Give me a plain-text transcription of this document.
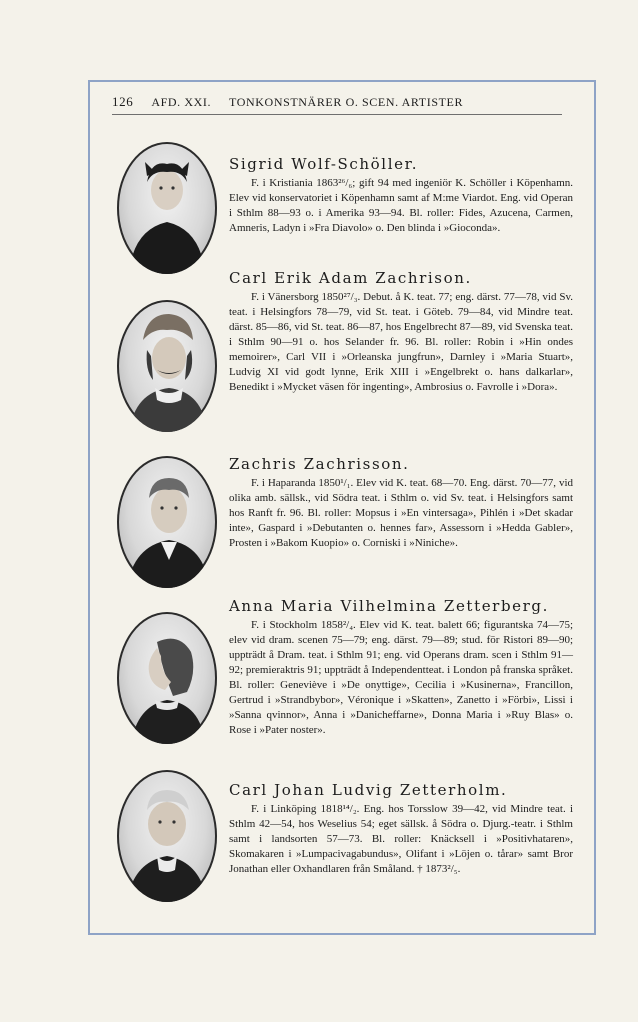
126 AFD. XXI. TONKONSTNÄRER O. SCEN. ARTISTER
Sigrid Wolf-Schöller.
F. i Kristiania 1863²⁶/₆; gift 94 med ingeniör K. Schöller i Köpenhamn. Elev vid konservatoriet i Köpenhamn samt af M:me Viardot. Eng. vid Operan i Sthlm 88—93 o. i Amerika 93—94. Bl. roller: Fides, Azucena, Carmen, Amneris, Ladyn i »Fra Diavolo» o. Den blinda i »Gioconda».
Carl Erik Adam Zachrison.
F. i Vänersborg 1850²⁷/₃. Debut. å K. teat. 77; eng. därst. 77—78, vid Sv. teat. i Helsingfors 78—79, vid St. teat. i Göteb. 79—84, vid Mindre teat. därst. 85—86, vid St. teat. 86—87, hos Engelbrecht 87—89, vid Svenska teat. i Sthlm 90—91 o. hos Selander fr. 96. Bl. roller: Robin i »Hin ondes memoirer», Carl VII i »Orleanska jungfrun», Darnley i »Maria Stuart», Ludvig XI vid godt lynne, Erik XIII i »Engelbrekt o. hans dalkarlar», Benedikt i »Mycket väsen för ingenting», Ambrosius o. Favrolle i »Dora».
Zachris Zachrisson.
F. i Haparanda 1850¹/₁. Elev vid K. teat. 68—70. Eng. därst. 70—77, vid olika amb. sällsk., vid Södra teat. i Sthlm o. vid Sv. teat. i Helsingfors samt hos Ranft fr. 96. Bl. roller: Mopsus i »En vintersaga», Pihlén i »Det skadar inte», Gaspard i »Debutanten o. hennes far», Assessorn i »Hedda Gabler», Prosten i »Bakom Kuopio» o. Corniski i »Niniche».
Anna Maria Vilhelmina Zetterberg.
F. i Stockholm 1858²/₄. Elev vid K. teat. balett 66; figurantska 74—75; elev vid dram. scenen 75—79; eng. därst. 79—89; stud. för Ristori 89—90; uppträdt å Dram. teat. i Sthlm 91; eng. vid Operans dram. scen i Sthlm 91—92; premieraktris 91; uppträdt å Independentteat. i London på franska språket. Bl. roller: Geneviève i »De onyttige», Cecilia i »Kusinerna», Francillon, Gertrud i »Strandbybor», Véronique i »Skatten», Zanetto i »Förbi», Lissi i »Sanna qvinnor», Anna i »Danicheffarne», Donna Maria i »Ruy Blas» o. Rose i »Pater noster».
Carl Johan Ludvig Zetterholm.
F. i Linköping 1818¹⁴/₂. Eng. hos Torsslow 39—42, vid Mindre teat. i Sthlm 42—54, hos Weselius 54; eget sällsk. å Södra o. Djurg.-teatr. i Sthlm samt i landsorten 57—73. Bl. roller: Knäcksell i »Positivhataren», Skomakaren i »Lumpacivagabundus», Olifant i »Löjen o. tårar» samt Bror Jonathan eller Oxhandlaren från Småland. † 1873²/₅.
